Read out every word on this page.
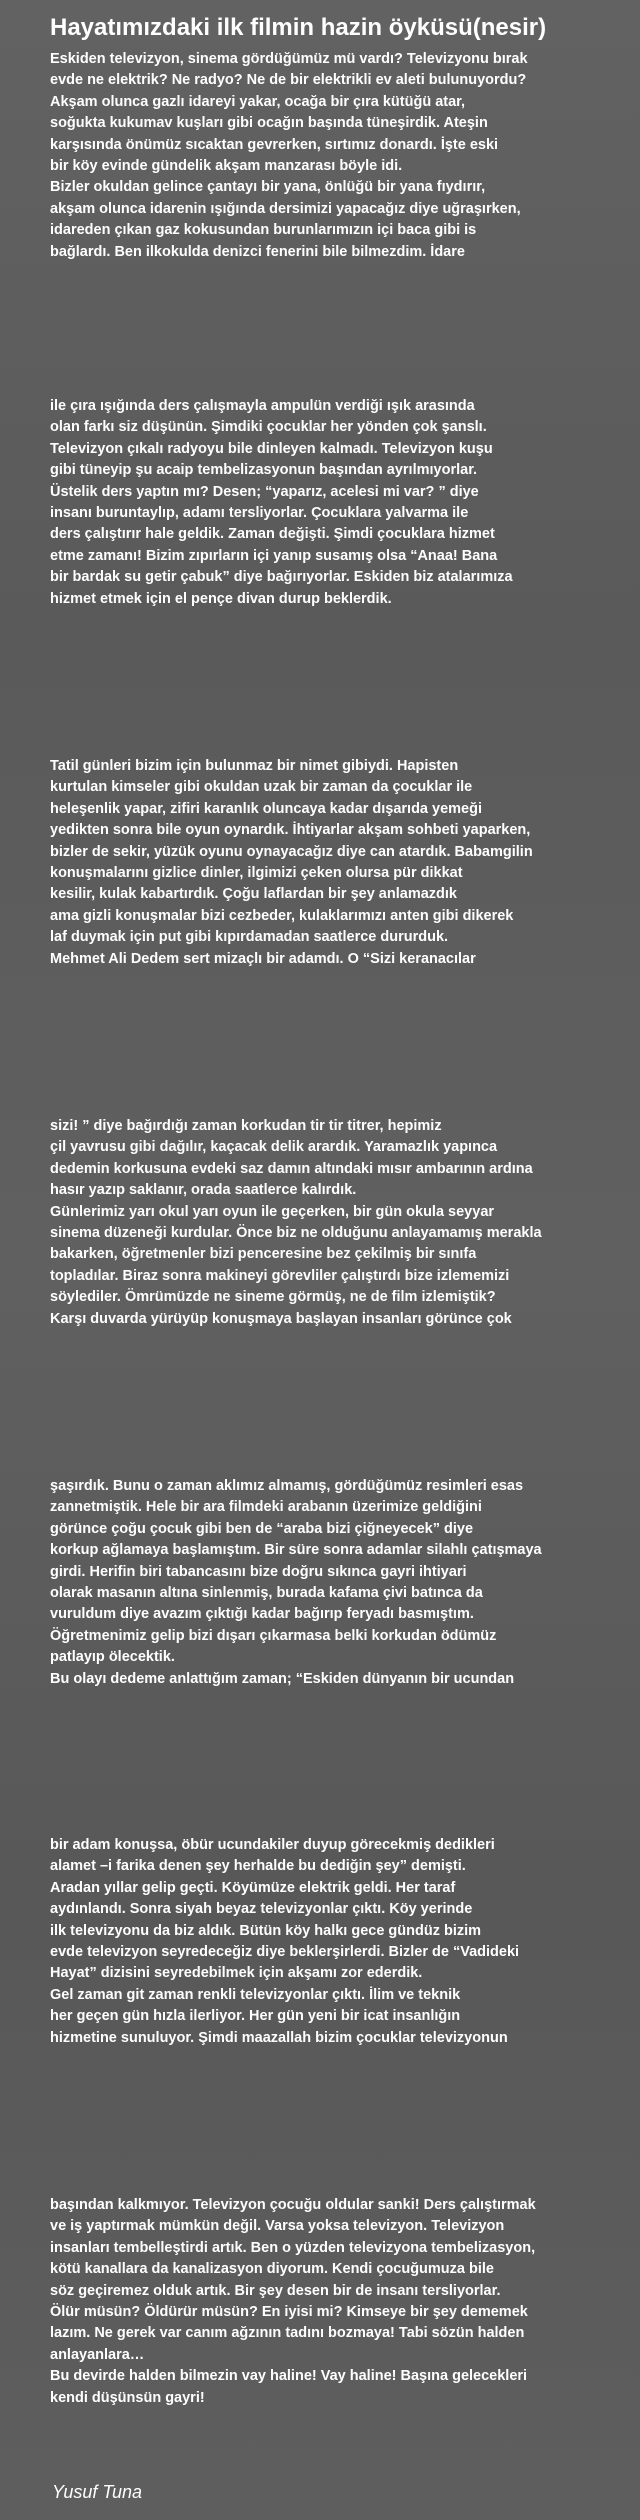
Hayatımızdaki ilk filmin hazin öyküsü(nesir)
Eskiden televizyon, sinema gördüğümüz mü vardı? Televizyonu bırak
evde ne elektrik? Ne radyo? Ne de bir elektrikli ev aleti bulunuyordu?
Akşam olunca gazlı idareyi yakar, ocağa bir çıra kütüğü atar,
soğukta kukumav kuşları gibi ocağın başında tüneşirdik. Ateşin
karşısında önümüz sıcaktan gevrerken, sırtımız donardı. İşte eski
bir köy evinde gündelik akşam manzarası böyle idi.
Bizler okuldan gelince çantayı bir yana, önlüğü bir yana fıydırır,
akşam olunca idarenin ışığında dersimizi yapacağız diye uğraşırken,
idareden çıkan gaz kokusundan burunlarımızın içi baca gibi is
bağlardı. Ben ilkokulda denizci fenerini bile bilmezdim. İdare
ile çıra ışığında ders çalışmayla ampulün verdiği ışık arasında
olan farkı siz düşünün. Şimdiki çocuklar her yönden çok şanslı.
Televizyon çıkalı radyoyu bile dinleyen kalmadı. Televizyon kuşu
gibi tüneyip şu acaip tembelizasyonun başından ayrılmıyorlar.
Üstelik ders yaptın mı? Desen; “yaparız, acelesi mi var? ” diye
insanı buruntaylıp, adamı tersliyorlar. Çocuklara yalvarma ile
ders çalıştırır hale geldik. Zaman değişti. Şimdi çocuklara hizmet
etme zamanı! Bizim zıpırların içi yanıp susamış olsa “Anaa! Bana
bir bardak su getir çabuk” diye bağırıyorlar. Eskiden biz atalarımıza
hizmet etmek için el pençe divan durup beklerdik.
Tatil günleri bizim için bulunmaz bir nimet gibiydi. Hapisten
kurtulan kimseler gibi okuldan uzak bir zaman da çocuklar ile
heleşenlik yapar, zifiri karanlık oluncaya kadar dışarıda yemeği
yedikten sonra bile oyun oynardık. İhtiyarlar akşam sohbeti yaparken,
bizler de sekir, yüzük oyunu oynayacağız diye can atardık. Babamgilin
konuşmalarını gizlice dinler, ilgimizi çeken olursa pür dikkat
kesilir, kulak kabartırdık. Çoğu laflardan bir şey anlamazdık
ama gizli konuşmalar bizi cezbeder, kulaklarımızı anten gibi dikerek
laf duymak için put gibi kıpırdamadan saatlerce dururduk.
Mehmet Ali Dedem sert mizaçlı bir adamdı. O “Sizi keranacılar
sizi! ” diye bağırdığı zaman korkudan tir tir titrer, hepimiz
çil yavrusu gibi dağılır, kaçacak delik arardık. Yaramazlık yapınca
dedemin korkusuna evdeki saz damın altındaki mısır ambarının ardına
hasır yazıp saklanır, orada saatlerce kalırdık.
Günlerimiz yarı okul yarı oyun ile geçerken, bir gün okula seyyar
sinema düzeneği kurdular. Önce biz ne olduğunu anlayamamış merakla
bakarken, öğretmenler bizi penceresine bez çekilmiş bir sınıfa
topladılar. Biraz sonra makineyi görevliler çalıştırdı bize izlememizi
söylediler. Ömrümüzde ne sineme görmüş, ne de film izlemiştik?
Karşı duvarda yürüyüp konuşmaya başlayan insanları görünce çok
şaşırdık. Bunu o zaman aklımız almamış, gördüğümüz resimleri esas
zannetmiştik. Hele bir ara filmdeki arabanın üzerimize geldiğini
görünce çoğu çocuk gibi ben de “araba bizi çiğneyecek” diye
korkup ağlamaya başlamıştım. Bir süre sonra adamlar silahlı çatışmaya
girdi. Herifin biri tabancasını bize doğru sıkınca gayri ihtiyari
olarak masanın altına sinlenmiş, burada kafama çivi batınca da
vuruldum diye avazım çıktığı kadar bağırıp feryadı basmıştım.
Öğretmenimiz gelip bizi dışarı çıkarmasa belki korkudan ödümüz
patlayıp ölecektik.
Bu olayı dedeme anlattığım zaman; “Eskiden dünyanın bir ucundan
bir adam konuşsa, öbür ucundakiler duyup görecekmiş dedikleri
alamet –i farika denen şey herhalde bu dediğin şey” demişti.
Aradan yıllar gelip geçti. Köyümüze elektrik geldi. Her taraf
aydınlandı. Sonra siyah beyaz televizyonlar çıktı. Köy yerinde
ilk televizyonu da biz aldık. Bütün köy halkı gece gündüz bizim
evde televizyon seyredeceğiz diye beklerşirlerdi. Bizler de “Vadideki
Hayat” dizisini seyredebilmek için akşamı zor ederdik.
Gel zaman git zaman renkli televizyonlar çıktı. İlim ve teknik
her geçen gün hızla ilerliyor. Her gün yeni bir icat insanlığın
hizmetine sunuluyor. Şimdi maazallah bizim çocuklar televizyonun
başından kalkmıyor. Televizyon çocuğu oldular sanki! Ders çalıştırmak
ve iş yaptırmak mümkün değil. Varsa yoksa televizyon. Televizyon
insanları tembelleştirdi artık. Ben o yüzden televizyona tembelizasyon,
kötü kanallara da kanalizasyon diyorum. Kendi çocuğumuza bile
söz geçiremez olduk artık. Bir şey desen bir de insanı tersliyorlar.
Ölür müsün? Öldürür müsün? En iyisi mi? Kimseye bir şey dememek
lazım. Ne gerek var canım ağzının tadını bozmaya! Tabi sözün halden
anlayanlara…
Bu devirde halden bilmezin vay haline! Vay haline! Başına gelecekleri
kendi düşünsün gayri!

Yusuf Tuna
